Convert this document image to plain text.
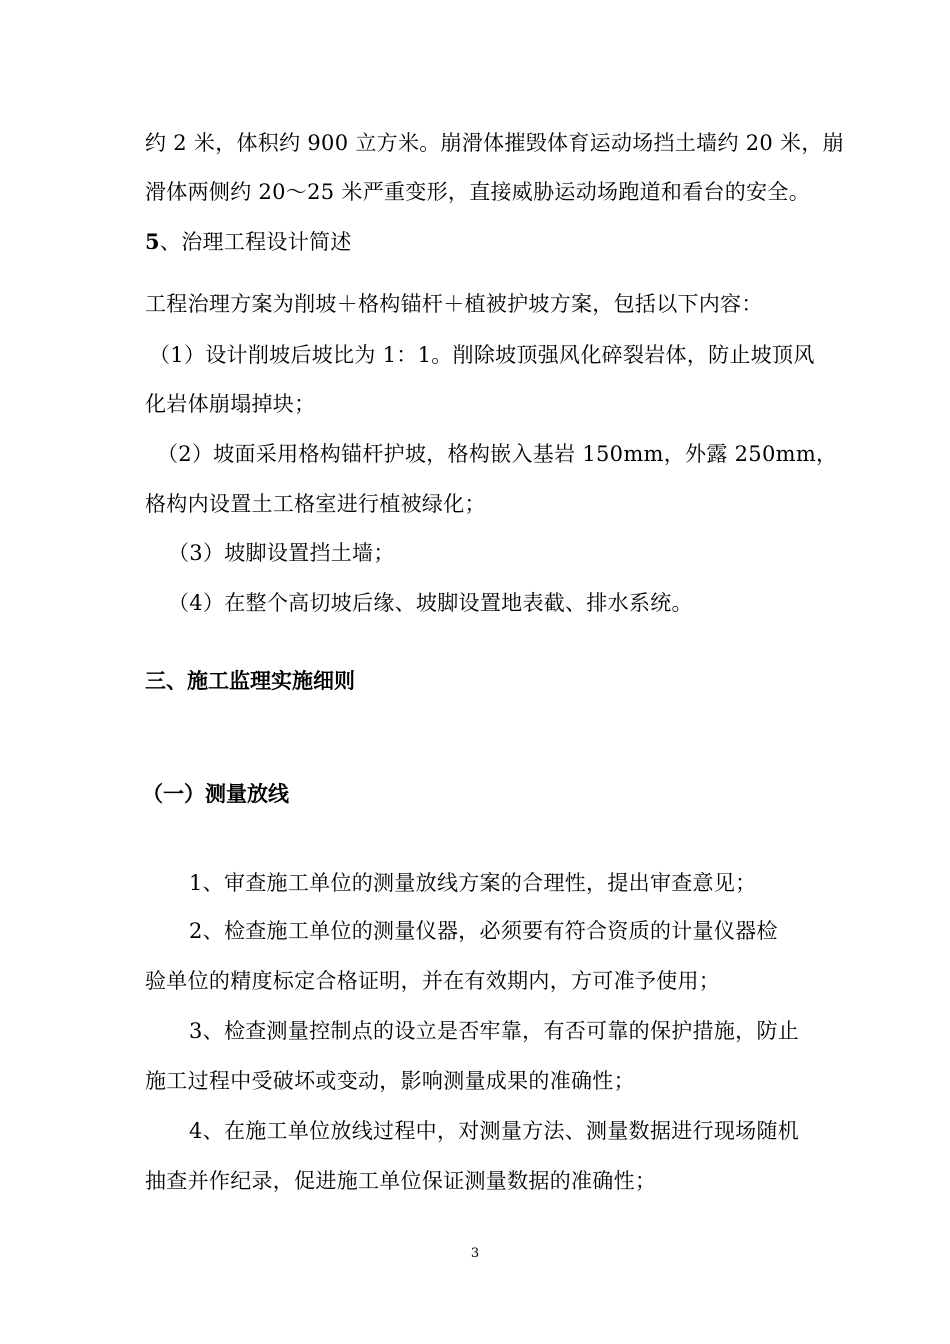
约 2 米，体积约 900 立方米。崩滑体摧毁体育运动场挡土墙约 20 米，崩
滑体两侧约 20～25 米严重变形，直接威胁运动场跑道和看台的安全。
5、治理工程设计简述
工程治理方案为削坡＋格构锚杆＋植被护坡方案，包括以下内容：
（1）设计削坡后坡比为 1：1。削除坡顶强风化碎裂岩体，防止坡顶风
化岩体崩塌掉块；
（2）坡面采用格构锚杆护坡，格构嵌入基岩 150mm，外露 250mm，
格构内设置土工格室进行植被绿化；
（3）坡脚设置挡土墙；
（4）在整个高切坡后缘、坡脚设置地表截、排水系统。
三、施工监理实施细则
（一）测量放线
1、审查施工单位的测量放线方案的合理性，提出审查意见；
2、检查施工单位的测量仪器，必须要有符合资质的计量仪器检
验单位的精度标定合格证明，并在有效期内，方可准予使用；
3、检查测量控制点的设立是否牢靠，有否可靠的保护措施，防止
施工过程中受破坏或变动，影响测量成果的准确性；
4、在施工单位放线过程中，对测量方法、测量数据进行现场随机
抽查并作纪录，促进施工单位保证测量数据的准确性；
3
